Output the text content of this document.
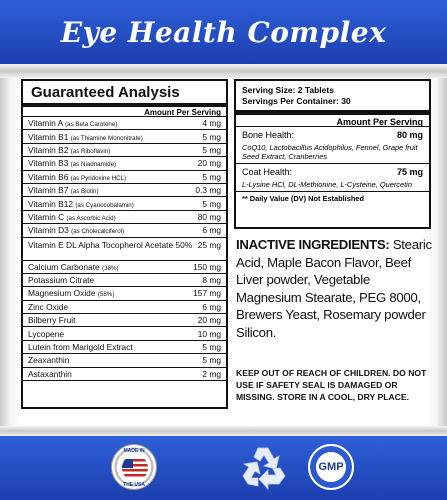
Eye Health Complex
Guaranteed Analysis
Amount Per Serving
Vitamin A (as Beta Carotene)	4 mg
Vitamin B1 (as Thiamine Mononitrate)	5 mg
Vitamin B2 (as Riboflavin)	5 mg
Vitamin B3 (as Niadnamide)	20 mg
Vitamin B6 (as Pyridoxine HCL)	5 mg
Vitamin B7 (as Biotin)	0.3 mg
Vitamin B12 (as Cyanocobalamin)	5 mg
Vitamin C (as Ascorbic Acid)	80 mg
Vitamin D3 (as Cholecalciferol)	6 mg
Vitamin E DL Alpha Tocopherol Acetate 50% 25 mg
Calcium Carbonate (38%)	150 mg
Potassium Citrate	8 mg
Magnesium Oxide (58%)	157 mg
Zinc Oxide	6 mg
Bilberry Fruit	20 mg
Lycopene	10 mg
Lutein from Marigold Extract	5 mg
Zeaxanthin	5 mg
Astaxanthin	2 mg
Serving Size: 2 Tablets
Servings Per Container: 30
Amount Per Serving
Bone Health:	80 mg
CoQ10, Lactobacillus Acidophilus, Fennel, Grape fruit Seed Extract, Cranberries
Coat Health:	75 mg
L-Lysine HCl, DL-Methionine, L-Cysteine, Quercetin
** Daily Value (DV) Not Established
INACTIVE INGREDIENTS: Stearic Acid, Maple Bacon Flavor, Beef Liver powder, Vegetable Magnesium Stearate, PEG 8000, Brewers Yeast, Rosemary powder Silicon.
KEEP OUT OF REACH OF CHILDREN. DO NOT USE IF SAFETY SEAL IS DAMAGED OR MISSING. STORE IN A COOL, DRY PLACE.
MADE IN
THE USA
GMP
